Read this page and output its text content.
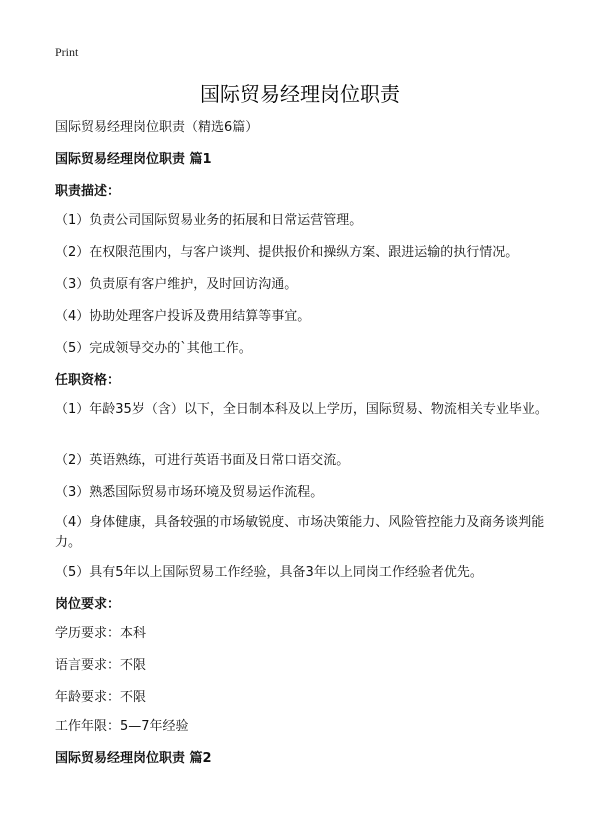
Print
国际贸易经理岗位职责
国际贸易经理岗位职责（精选6篇）
国际贸易经理岗位职责 篇1
职责描述：
（1）负责公司国际贸易业务的拓展和日常运营管理。
（2）在权限范围内，与客户谈判、提供报价和操纵方案、跟进运输的执行情况。
（3）负责原有客户维护，及时回访沟通。
（4）协助处理客户投诉及费用结算等事宜。
（5）完成领导交办的`其他工作。
任职资格：
（1）年龄35岁（含）以下，全日制本科及以上学历，国际贸易、物流相关专业毕业。
（2）英语熟练，可进行英语书面及日常口语交流。
（3）熟悉国际贸易市场环境及贸易运作流程。
（4）身体健康，具备较强的市场敏锐度、市场决策能力、风险管控能力及商务谈判能力。
（5）具有5年以上国际贸易工作经验，具备3年以上同岗工作经验者优先。
岗位要求：
学历要求：本科
语言要求：不限
年龄要求：不限
工作年限：5—7年经验
国际贸易经理岗位职责 篇2
